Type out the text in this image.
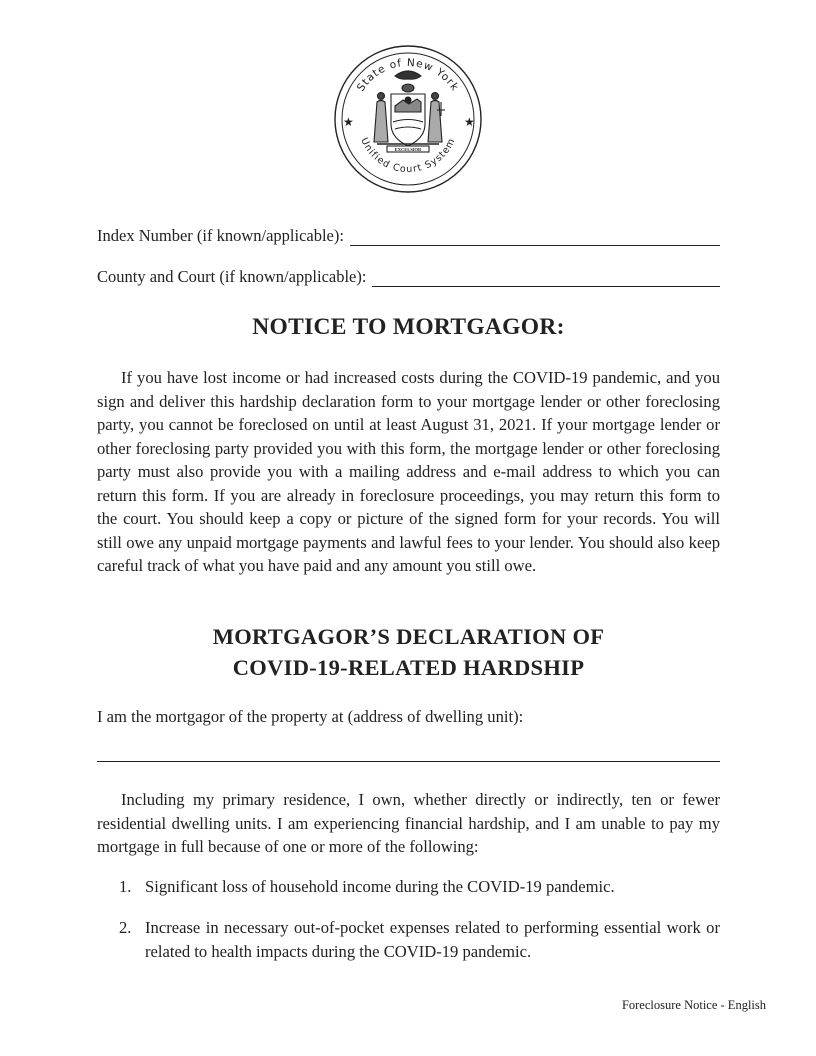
State of New York
Unified Court System
★	★
EXCELSIOR
Index Number (if known/applicable):
County and Court (if known/applicable):
NOTICE TO MORTGAGOR:

If you have lost income or had increased costs during the COVID-19 pandemic, and you sign and deliver this hardship declaration form to your mortgage lender or other foreclosing party, you cannot be foreclosed on until at least August 31, 2021. If your mortgage lender or other foreclosing party provided you with this form, the mortgage lender or other foreclosing party must also provide you with a mailing address and e-mail address to which you can return this form. If you are already in foreclosure proceedings, you may return this form to the court. You should keep a copy or picture of the signed form for your records. You will still owe any unpaid mortgage payments and lawful fees to your lender. You should also keep careful track of what you have paid and any amount you still owe.

MORTGAGOR’S DECLARATION OF
COVID-19-RELATED HARDSHIP

I am the mortgagor of the property at (address of dwelling unit):

Including my primary residence, I own, whether directly or indirectly, ten or fewer residential dwelling units. I am experiencing financial hardship, and I am unable to pay my mortgage in full because of one or more of the following:

1. Significant loss of household income during the COVID-19 pandemic.
2. Increase in necessary out-of-pocket expenses related to performing essential work or related to health impacts during the COVID-19 pandemic.
Foreclosure Notice - English
